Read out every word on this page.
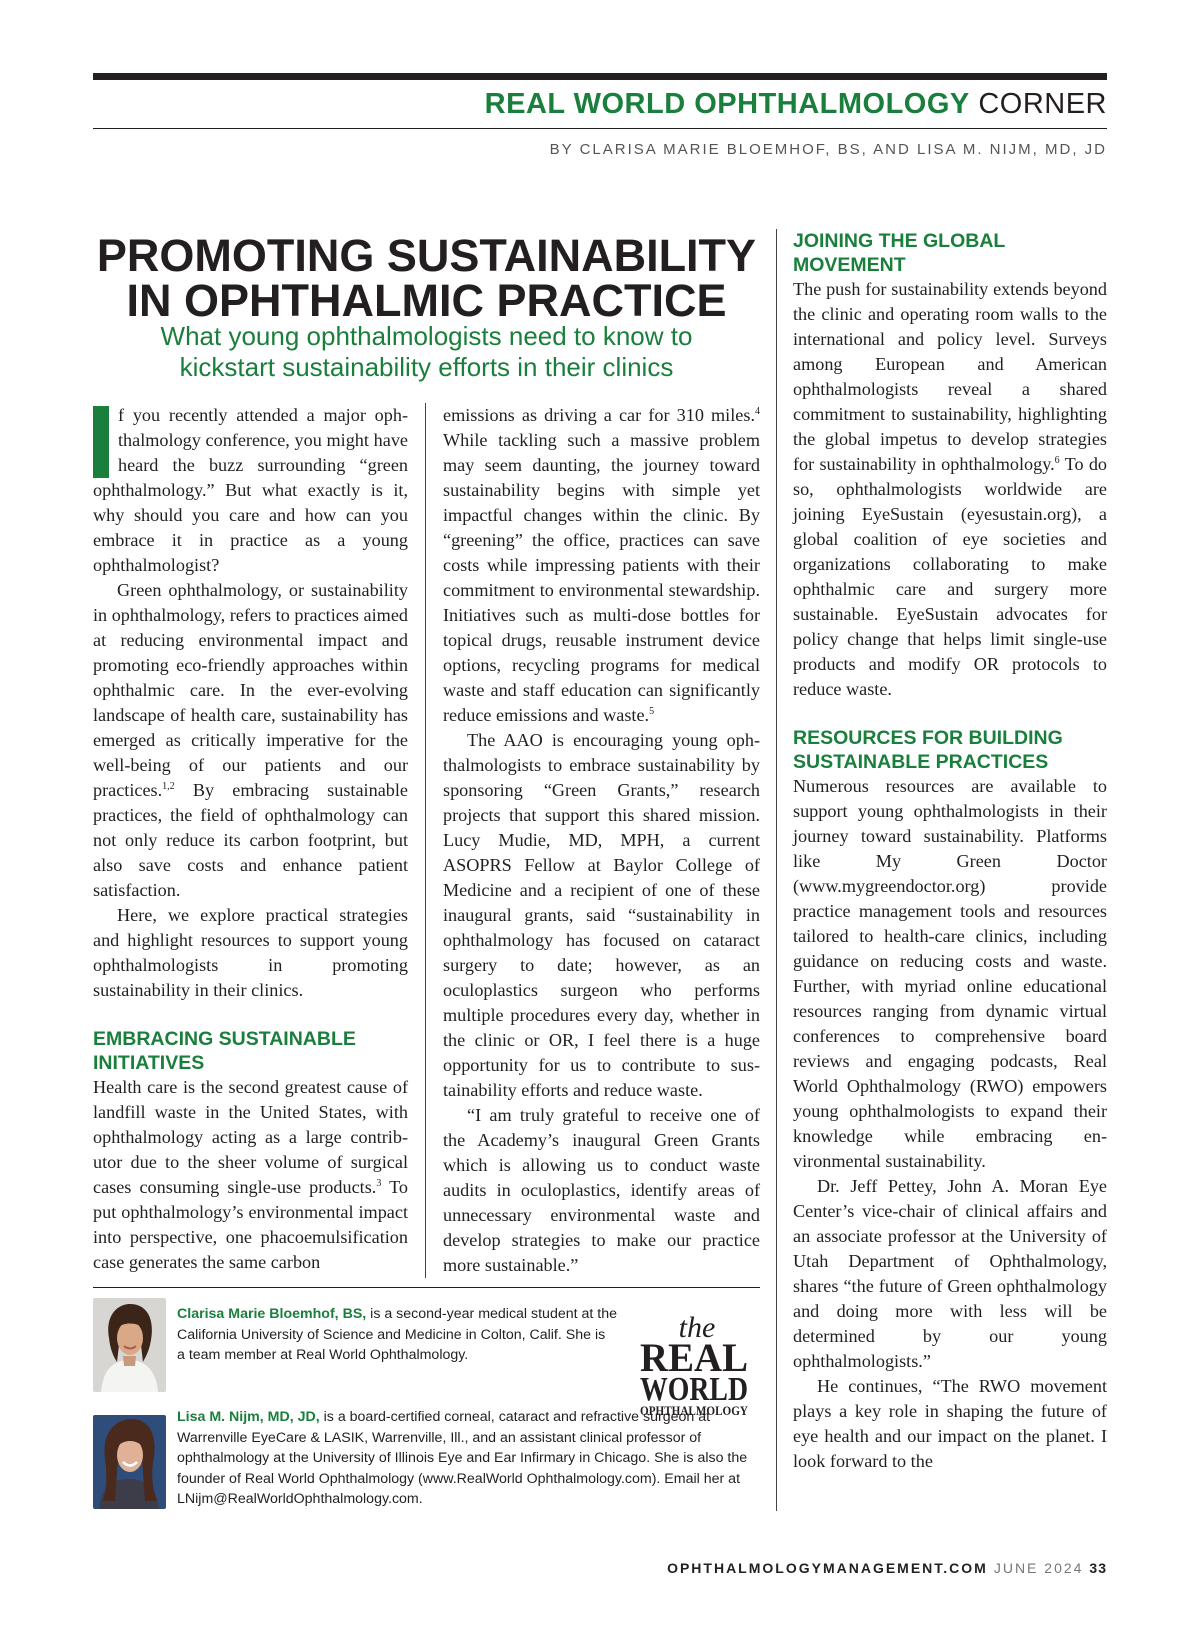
REAL WORLD OPHTHALMOLOGY CORNER
BY CLARISA MARIE BLOEMHOF, BS, AND LISA M. NIJM, MD, JD
PROMOTING SUSTAINABILITY
IN OPHTHALMIC PRACTICE
What young ophthalmologists need to know to
kickstart sustainability efforts in their clinics

f you recently attended a major ophthalmology conference, you might have heard the buzz surrounding “green ophthalmology.” But what exactly is it, why should you care and how can you embrace it in practice as a young ophthalmologist?

Green ophthalmology, or sustainability in ophthalmology, refers to practices aimed at reducing environmental impact and promoting eco-friendly approaches within ophthalmic care. In the ever-evolving landscape of health care, sustainability has emerged as critically imperative for the well-being of our patients and our practices.$^{1,2}$ By embracing sustainable practices, the field of ophthalmology can not only reduce its carbon footprint, but also save costs and enhance patient satisfaction.

Here, we explore practical strategies and highlight resources to support young ophthalmologists in promoting sustainability in their clinics.

EMBRACING SUSTAINABLE INITIATIVES

Health care is the second greatest cause of landfill waste in the United States, with ophthalmology acting as a large contributor due to the sheer volume of surgical cases consuming single-use products.$^3$ To put ophthalmology’s environmental impact into perspective, one phacoemulsification case generates the same carbon

emissions as driving a car for 310 miles.$^4$ While tackling such a massive problem may seem daunting, the journey toward sustainability begins with simple yet impactful changes within the clinic. By “greening” the office, practices can save costs while impressing patients with their commitment to environmental stewardship. Initiatives such as multi-dose bottles for topical drugs, reusable instrument device options, recycling programs for medical waste and staff education can significantly reduce emissions and waste.$^5$

The AAO is encouraging young ophthalmologists to embrace sustainability by sponsoring “Green Grants,” research projects that support this shared mission. Lucy Mudie, MD, MPH, a current ASOPRS Fellow at Baylor College of Medicine and a recipient of one of these inaugural grants, said “sustainability in ophthalmology has focused on cataract surgery to date; however, as an oculoplastics surgeon who performs multiple procedures every day, whether in the clinic or OR, I feel there is a huge opportunity for us to contribute to sustainability efforts and reduce waste.

“I am truly grateful to receive one of the Academy’s inaugural Green Grants which is allowing us to conduct waste audits in oculoplastics, identify areas of unnecessary environmental waste and develop strategies to make our practice more sustainable.”

JOINING THE GLOBAL MOVEMENT

The push for sustainability extends beyond the clinic and operating room walls to the international and policy level. Surveys among European and American ophthalmologists reveal a shared commitment to sustainability, highlighting the global impetus to develop strategies for sustainability in ophthalmology.$^6$ To do so, ophthalmologists worldwide are joining EyeSustain (eyesustain.org), a global coalition of eye societies and organizations collaborating to make ophthalmic care and surgery more sustainable. EyeSustain advocates for policy change that helps limit single-use products and modify OR protocols to reduce waste.

RESOURCES FOR BUILDING SUSTAINABLE PRACTICES

Numerous resources are available to support young ophthalmologists in their journey toward sustainability. Platforms like My Green Doctor (www.mygreendoctor.org) provide practice management tools and resources tailored to health-care clinics, including guidance on reducing costs and waste. Further, with myriad online educational resources ranging from dynamic virtual conferences to comprehensive board reviews and engaging podcasts, Real World Ophthalmology (RWO) empowers young ophthalmologists to expand their knowledge while embracing environmental sustainability.

Dr. Jeff Pettey, John A. Moran Eye Center’s vice-chair of clinical affairs and an associate professor at the University of Utah Department of Ophthalmology, shares “the future of Green ophthalmology and doing more with less will be determined by our young ophthalmologists.”

He continues, “The RWO movement plays a key role in shaping the future of eye health and our impact on the planet. I look forward to the

Clarisa Marie Bloemhof, BS, is a second-year medical student at the California University of Science and Medicine in Colton, Calif. She is a team member at Real World Ophthalmology.
Lisa M. Nijm, MD, JD, is a board-certified corneal, cataract and refractive surgeon at Warrenville EyeCare & LASIK, Warrenville, Ill., and an assistant clinical professor of ophthalmology at the University of Illinois Eye and Ear Infirmary in Chicago. She is also the founder of Real World Ophthalmology (www.RealWorld Ophthalmology.com). Email her at LNijm@RealWorldOphthalmology.com.
the
REAL
WORLD
OPHTHALMOLOGY
OPHTHALMOLOGYMANAGEMENT.COM JUNE 2024 33
